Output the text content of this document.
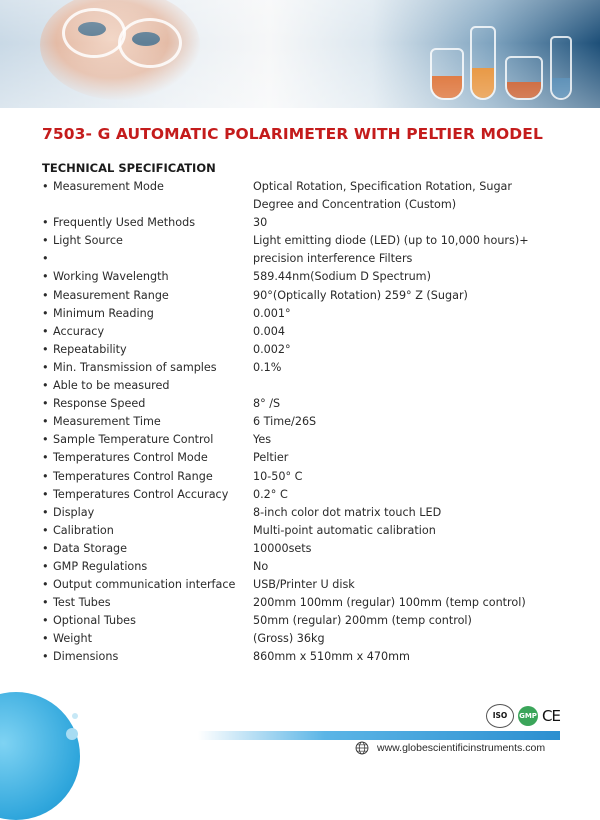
7503- G AUTOMATIC POLARIMETER WITH PELTIER MODEL
TECHNICAL SPECIFICATION
• Measurement Mode	Optical Rotation, Specification Rotation, Sugar
Degree and Concentration (Custom)
• Frequently Used Methods	30
• Light Source	Light emitting diode (LED) (up to 10,000 hours)+
•	precision interference Filters
• Working Wavelength	589.44nm(Sodium D Spectrum)
• Measurement Range	90°(Optically Rotation) 259° Z (Sugar)
• Minimum Reading	0.001°
• Accuracy	0.004
• Repeatability	0.002°
• Min. Transmission of samples	0.1%
• Able to be measured
• Response Speed	8° /S
• Measurement Time	6 Time/26S
• Sample Temperature Control	Yes
• Temperatures Control Mode	Peltier
• Temperatures Control Range	10-50° C
• Temperatures Control Accuracy 0.2° C
• Display	8-inch color dot matrix touch LED
• Calibration	Multi-point automatic calibration
• Data Storage	10000sets
• GMP Regulations	No
• Output communication interface USB/Printer U disk
• Test Tubes	200mm 100mm (regular) 100mm (temp control)
• Optional Tubes	50mm (regular) 200mm (temp control)
• Weight	(Gross) 36kg
• Dimensions	860mm x 510mm x 470mm
ISO	GMP CE
www.globescientificinstruments.com
